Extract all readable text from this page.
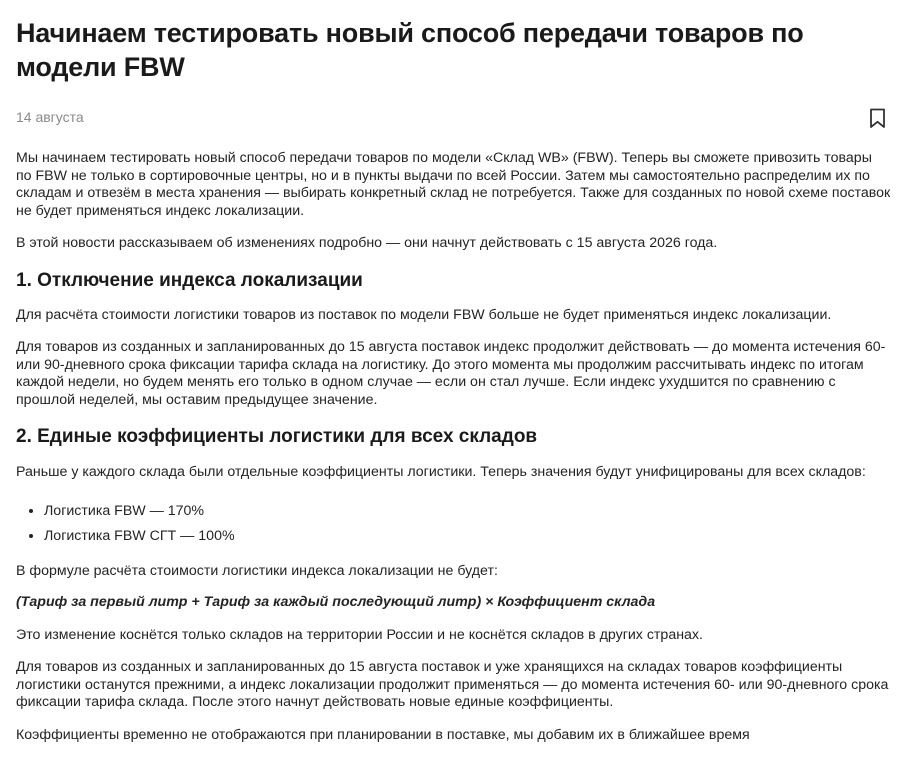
Начинаем тестировать новый способ передачи товаров по модели FBW
14 августа

Мы начинаем тестировать новый способ передачи товаров по модели «Склад WB» (FBW). Теперь вы сможете привозить товары по FBW не только в сортировочные центры, но и в пункты выдачи по всей России. Затем мы самостоятельно распределим их по складам и отвезём в места хранения — выбирать конкретный склад не потребуется. Также для созданных по новой схеме поставок не будет применяться индекс локализации.

В этой новости рассказываем об изменениях подробно — они начнут действовать с 15 августа 2026 года.

1. Отключение индекса локализации

Для расчёта стоимости логистики товаров из поставок по модели FBW больше не будет применяться индекс локализации.

Для товаров из созданных и запланированных до 15 августа поставок индекс продолжит действовать — до момента истечения 60- или 90-дневного срока фиксации тарифа склада на логистику. До этого момента мы продолжим рассчитывать индекс по итогам каждой недели, но будем менять его только в одном случае — если он стал лучше. Если индекс ухудшится по сравнению с прошлой неделей, мы оставим предыдущее значение.

2. Единые коэффициенты логистики для всех складов

Раньше у каждого склада были отдельные коэффициенты логистики. Теперь значения будут унифицированы для всех складов:

• Логистика FBW — 170%
• Логистика FBW СГТ — 100%

В формуле расчёта стоимости логистики индекса локализации не будет:

(Тариф за первый литр + Тариф за каждый последующий литр) × Коэффициент склада

Это изменение коснётся только складов на территории России и не коснётся складов в других странах.

Для товаров из созданных и запланированных до 15 августа поставок и уже хранящихся на складах товаров коэффициенты логистики останутся прежними, а индекс локализации продолжит применяться — до момента истечения 60- или 90-дневного срока фиксации тарифа склада. После этого начнут действовать новые единые коэффициенты.

Коэффициенты временно не отображаются при планировании в поставке, мы добавим их в ближайшее время
